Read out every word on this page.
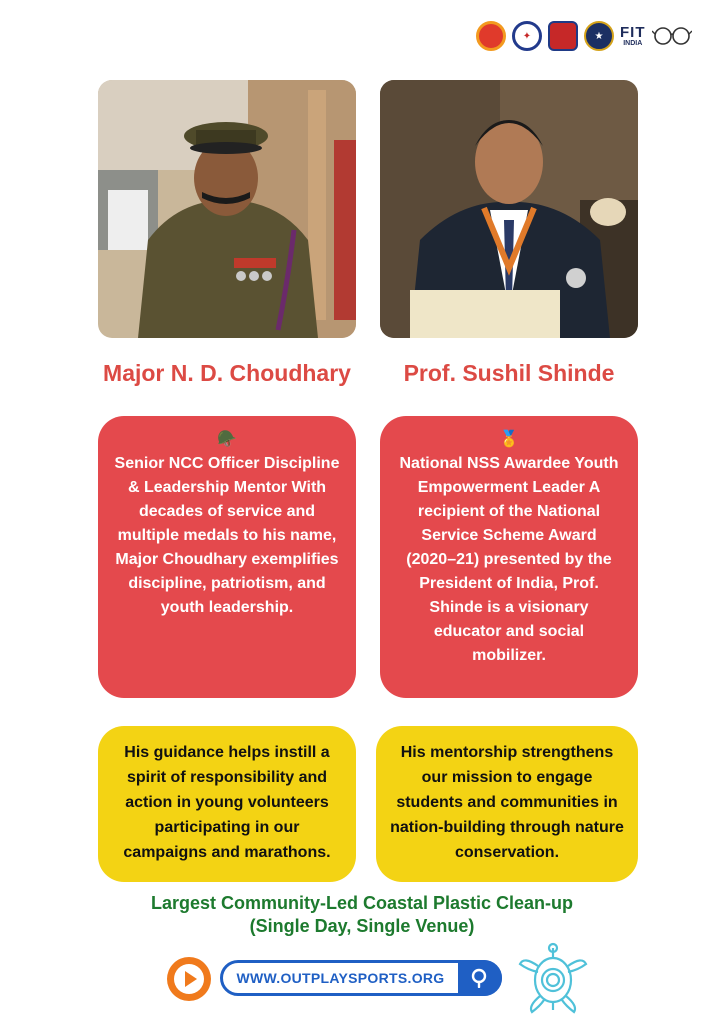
✦	★	FIT
INDIA
Major N. D. Choudhary	Prof. Sushil Shinde
🪖

Senior NCC Officer Discipline & Leadership Mentor With decades of service and multiple medals to his name, Major Choudhary exemplifies discipline, patriotism, and youth leadership.

🏅

National NSS Awardee Youth Empowerment Leader A recipient of the National Service Scheme Award (2020–21) presented by the President of India, Prof. Shinde is a visionary educator and social mobilizer.

His guidance helps instill a spirit of responsibility and action in young volunteers participating in our campaigns and marathons.

His mentorship strengthens our mission to engage students and communities in nation-building through nature conservation.

Largest Community-Led Coastal Plastic Clean-up
(Single Day, Single Venue)
WWW.OUTPLAYSPORTS.ORG
